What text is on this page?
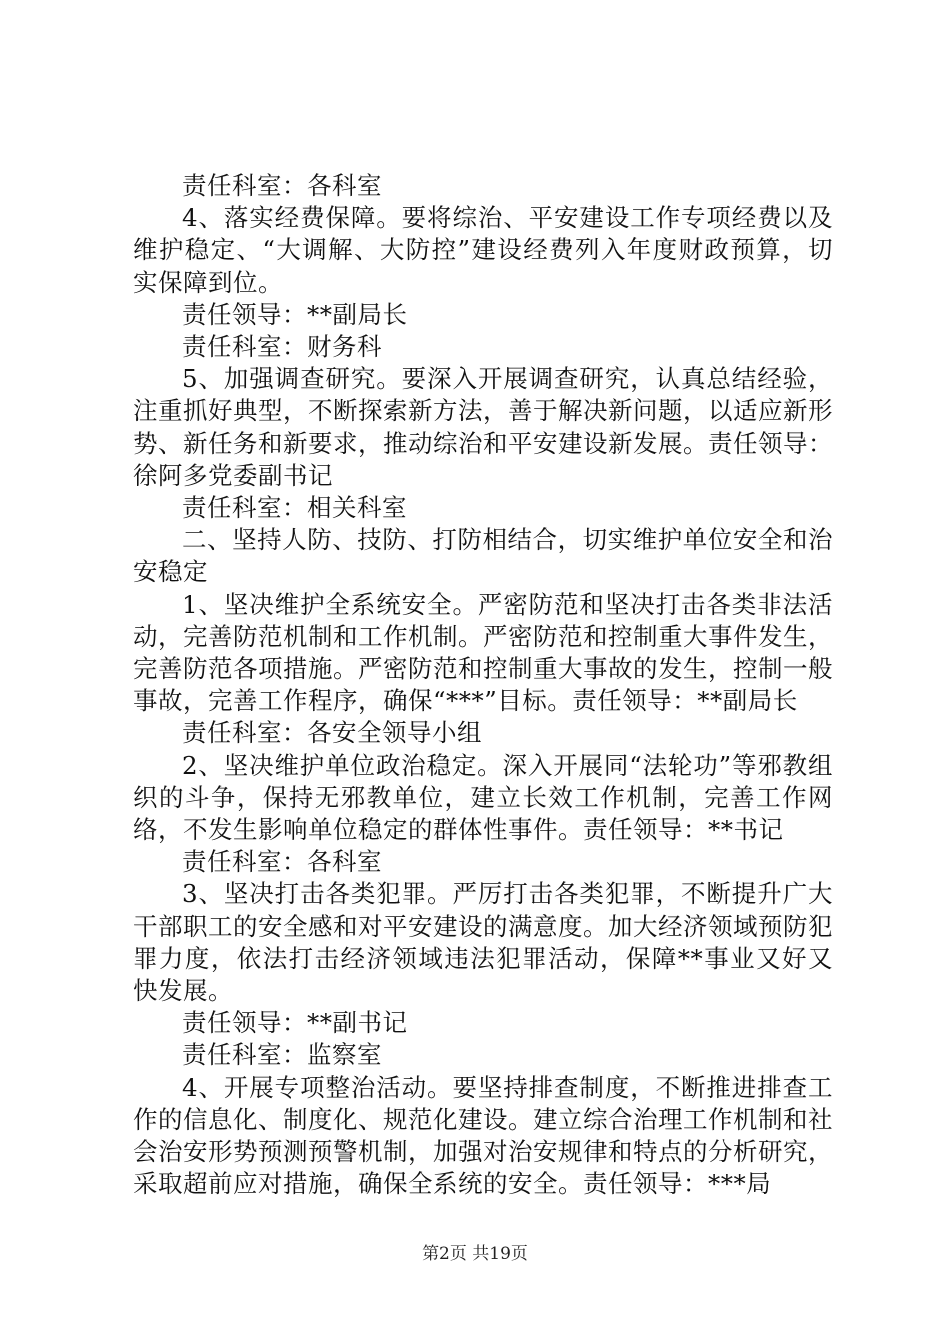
责任科室：各科室

4、落实经费保障。要将综治、平安建设工作专项经费以及维护稳定、“大调解、大防控”建设经费列入年度财政预算，切实保障到位。

责任领导：**副局长

责任科室：财务科

5、加强调查研究。要深入开展调查研究，认真总结经验，注重抓好典型，不断探索新方法，善于解决新问题，以适应新形势、新任务和新要求，推动综治和平安建设新发展。责任领导：徐阿多党委副书记

责任科室：相关科室

二、坚持人防、技防、打防相结合，切实维护单位安全和治安稳定

1、坚决维护全系统安全。严密防范和坚决打击各类非法活动，完善防范机制和工作机制。严密防范和控制重大事件发生，完善防范各项措施。严密防范和控制重大事故的发生，控制一般事故，完善工作程序，确保“***”目标。责任领导：**副局长

责任科室：各安全领导小组

2、坚决维护单位政治稳定。深入开展同“法轮功”等邪教组织的斗争，保持无邪教单位，建立长效工作机制，完善工作网络，不发生影响单位稳定的群体性事件。责任领导：**书记

责任科室：各科室

3、坚决打击各类犯罪。严厉打击各类犯罪，不断提升广大干部职工的安全感和对平安建设的满意度。加大经济领域预防犯罪力度，依法打击经济领域违法犯罪活动，保障**事业又好又快发展。

责任领导：**副书记

责任科室：监察室

4、开展专项整治活动。要坚持排查制度，不断推进排查工作的信息化、制度化、规范化建设。建立综合治理工作机制和社会治安形势预测预警机制，加强对治安规律和特点的分析研究，采取超前应对措施，确保全系统的安全。责任领导：***局

第2页 共19页
